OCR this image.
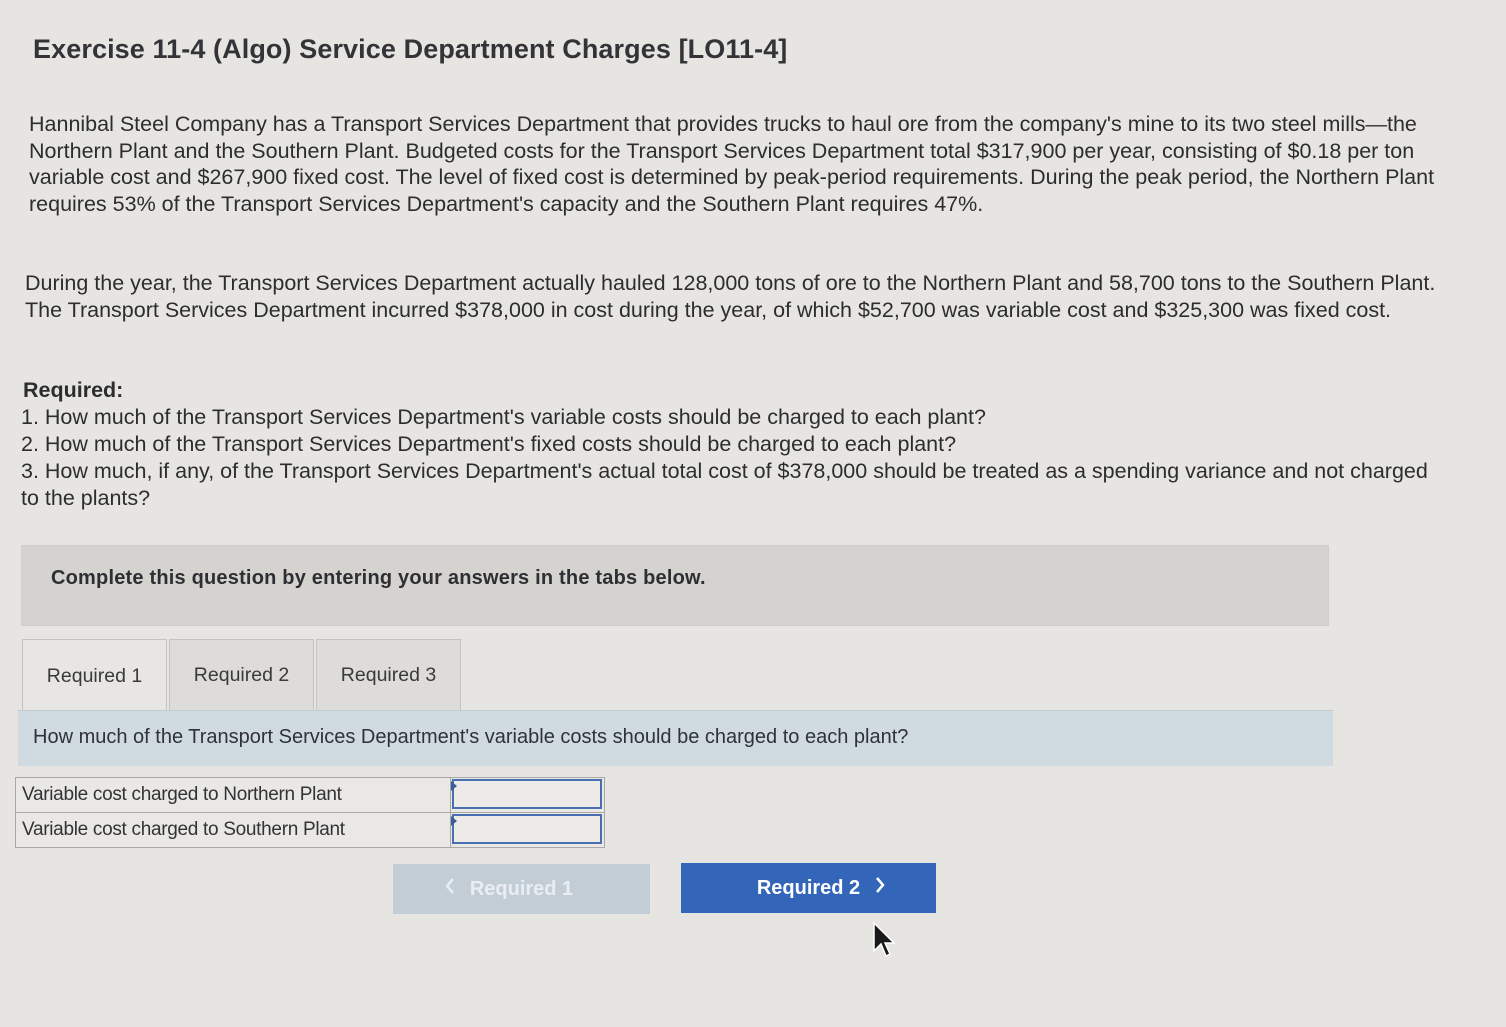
Exercise 11-4 (Algo) Service Department Charges [LO11-4]
Hannibal Steel Company has a Transport Services Department that provides trucks to haul ore from the company's mine to its two steel mills—the Northern Plant and the Southern Plant. Budgeted costs for the Transport Services Department total $317,900 per year, consisting of $0.18 per ton variable cost and $267,900 fixed cost. The level of fixed cost is determined by peak-period requirements. During the peak period, the Northern Plant requires 53% of the Transport Services Department's capacity and the Southern Plant requires 47%.
During the year, the Transport Services Department actually hauled 128,000 tons of ore to the Northern Plant and 58,700 tons to the Southern Plant. The Transport Services Department incurred $378,000 in cost during the year, of which $52,700 was variable cost and $325,300 was fixed cost.
Required:
1. How much of the Transport Services Department's variable costs should be charged to each plant?
2. How much of the Transport Services Department's fixed costs should be charged to each plant?
3. How much, if any, of the Transport Services Department's actual total cost of $378,000 should be treated as a spending variance and not charged to the plants?
Complete this question by entering your answers in the tabs below.
Required 1	Required 2	Required 3
How much of the Transport Services Department's variable costs should be charged to each plant?
Variable cost charged to Northern Plant	

Variable cost charged to Southern Plant	
Required 1	Required 2
